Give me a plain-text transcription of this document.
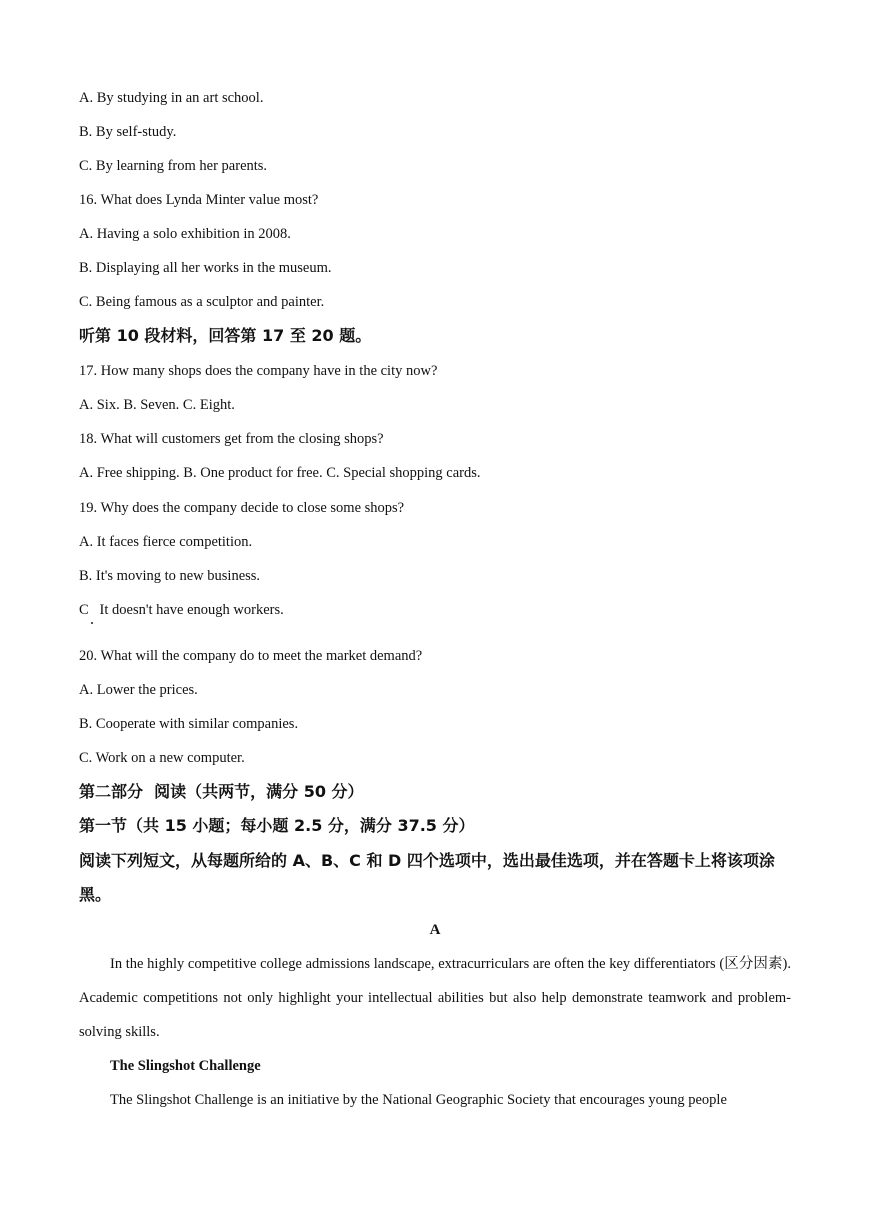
A. By studying in an art school.
B. By self-study.
C. By learning from her parents.
16. What does Lynda Minter value most?
A. Having a solo exhibition in 2008.
B. Displaying all her works in the museum.
C. Being famous as a sculptor and painter.
听第 10 段材料，回答第 17 至 20 题。
17. How many shops does the company have in the city now?
A. Six. B. Seven. C. Eight.
18. What will customers get from the closing shops?
A. Free shipping. B. One product for free. C. Special shopping cards.
19. Why does the company decide to close some shops?
A. It faces fierce competition.
B. It's moving to new business.
C   It doesn't have enough workers.
20. What will the company do to meet the market demand?
A. Lower the prices.
B. Cooperate with similar companies.
C. Work on a new computer.
第二部分  阅读（共两节，满分 50 分）
第一节（共 15 小题；每小题 2.5 分，满分 37.5 分）
阅读下列短文，从每题所给的 A、B、C 和 D 四个选项中，选出最佳选项，并在答题卡上将该项涂黑。
A
In the highly competitive college admissions landscape, extracurriculars are often the key differentiators (区分因素). Academic competitions not only highlight your intellectual abilities but also help demonstrate teamwork and problem-solving skills.
The Slingshot Challenge
The Slingshot Challenge is an initiative by the National Geographic Society that encourages young people
